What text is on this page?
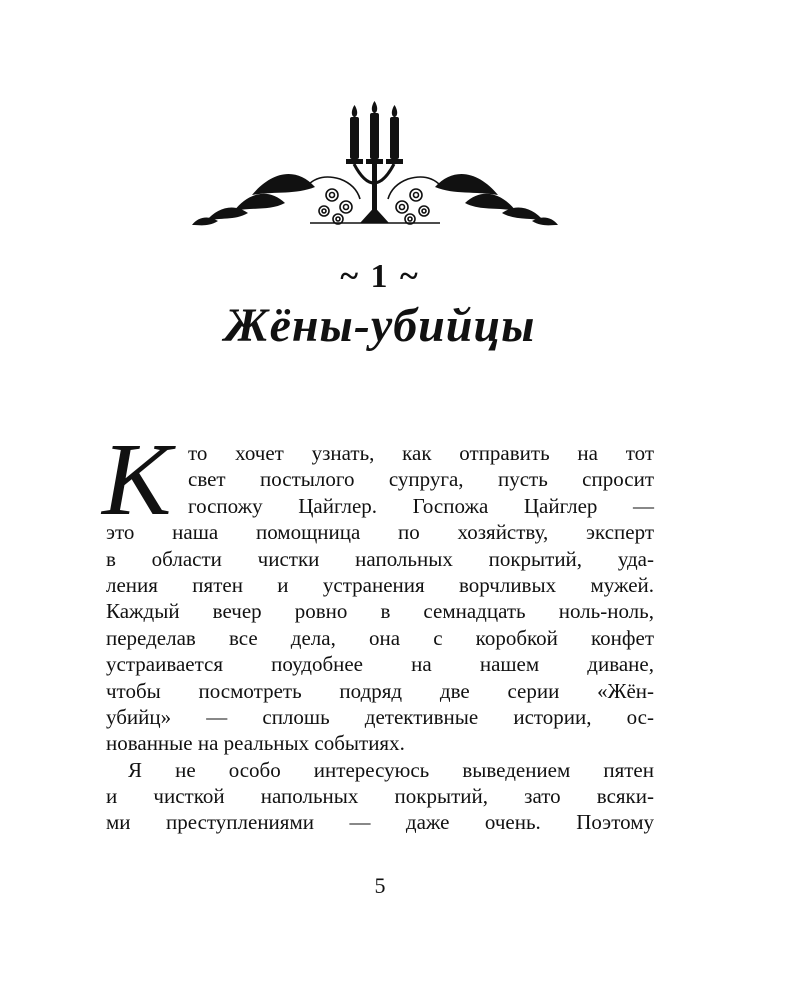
~ 1 ~
Жёны-убийцы
К то хочет узнать, как отправить на тот
свет постылого супруга, пусть спросит
госпожу Цайглер. Госпожа Цайглер —
это наша помощница по хозяйству, эксперт
в области чистки напольных покрытий, уда-
ления пятен и устранения ворчливых мужей.
Каждый вечер ровно в семнадцать ноль-ноль,
переделав все дела, она с коробкой конфет
устраивается поудобнее на нашем диване,
чтобы посмотреть подряд две серии «Жён-
убийц» — сплошь детективные истории, ос-
нованные на реальных событиях.
Я не особо интересуюсь выведением пятен
и чисткой напольных покрытий, зато всяки-
ми преступлениями — даже очень. Поэтому
5
